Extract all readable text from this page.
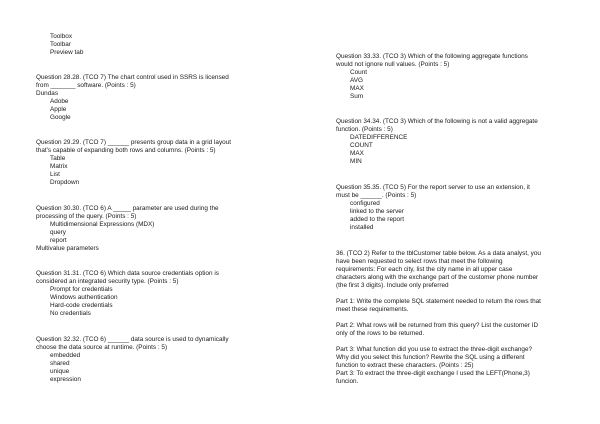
Toolbox
Toolbar
Preview tab
Question 28.28. (TCO 7) The chart control used in SSRS is licensed
from _______ software. (Points : 5)
Dundas
Adobe
Apple
Google
Question 29.29. (TCO 7) ______ presents group data in a grid layout
that's capable of expanding both rows and columns. (Points : 5)
Table
Matrix
List
Dropdown
Question 30.30. (TCO 6) A _____ parameter are used during the
processing of the query. (Points : 5)
Multidimensional Expressions (MDX)
query
report
Multivalue parameters
Question 31.31. (TCO 6) Which data source credentials option is
considered an integrated security type. (Points : 5)
Prompt for credentials
Windows authentication
Hard-code credentials
No credentials
Question 32.32. (TCO 6) ______ data source is used to dynamically
choose the data source at runtime. (Points : 5)
embedded
shared
unique
expression
Question 33.33. (TCO 3) Which of the following aggregate functions
would not ignore null values. (Points : 5)
Count
AVG
MAX
Sum
Question 34.34. (TCO 3) Which of the following is not a valid aggregate
function. (Points : 5)
DATEDIFFERENCE
COUNT
MAX
MIN
Question 35.35. (TCO 5) For the report server to use an extension, it
must be ______. (Points : 5)
configured
linked to the server
added to the report
installed
36. (TCO 2) Refer to the tblCustomer table below. As a data analyst, you
have been requested to select rows that meet the following
requirements: For each city, list the city name in all upper case
characters along with the exchange part of the customer phone number
(the first 3 digits). Include only preferred
Part 1: Write the complete SQL statement needed to return the rows that
meet these requirements.
Part 2: What rows will be returned from this query? List the customer ID
only of the rows to be returned.
Part 3: What function did you use to extract the three-digit exchange?
Why did you select this function? Rewrite the SQL using a different
function to extract these characters. (Points : 25)
Part 3: To extract the three-digit exchange I used the LEFT(Phone,3)
funcion.
